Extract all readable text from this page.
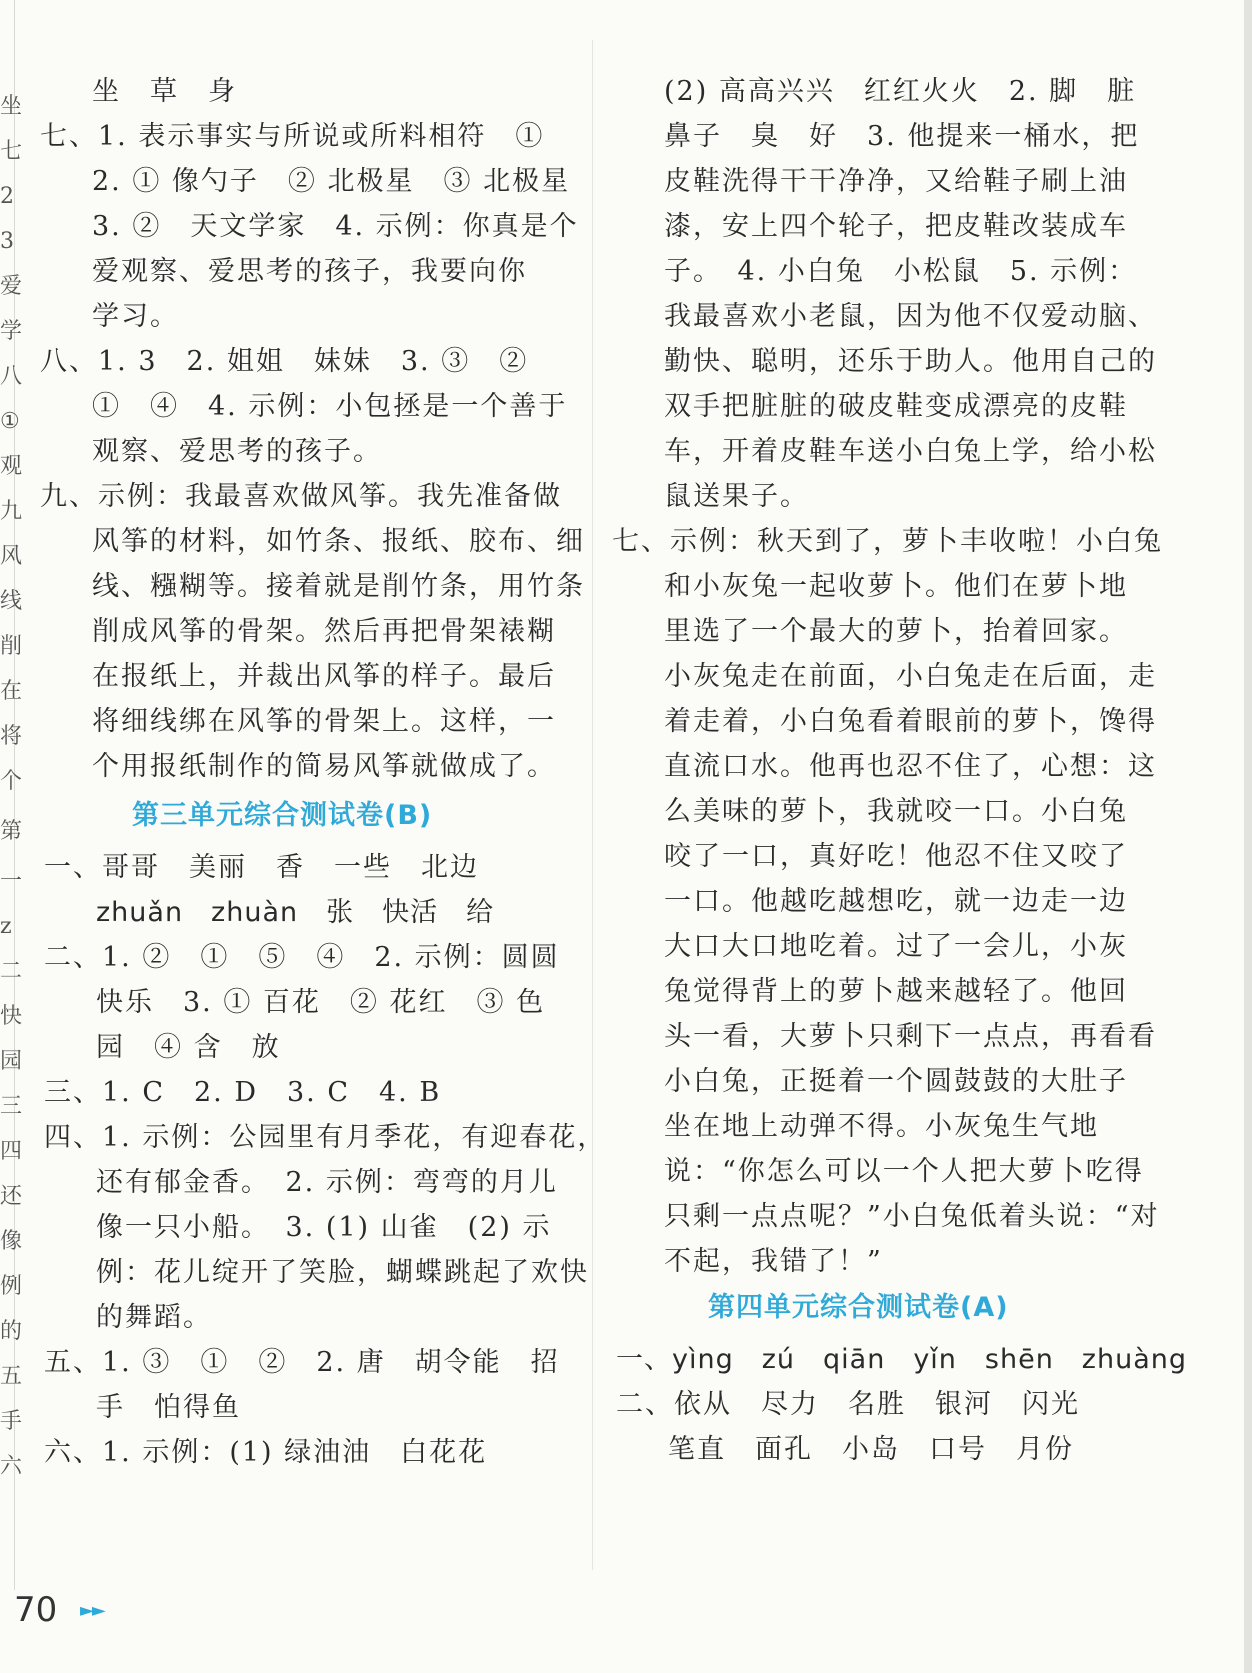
坐
七
2
3
爱
学
八
①
观
九
风
线
削
在
将
个
第
一
z
二
快
园
三
四
还
像
例
的
五
手
六
坐　草　身
七、1. 表示事实与所说或所料相符　①
2. ① 像勺子　② 北极星　③ 北极星
3. ②　天文学家　4. 示例：你真是个
爱观察、爱思考的孩子，我要向你
学习。
八、1. 3　2. 姐姐　妹妹　3. ③　②
①　④　4. 示例：小包拯是一个善于
观察、爱思考的孩子。
九、示例：我最喜欢做风筝。我先准备做
风筝的材料，如竹条、报纸、胶布、细
线、糨糊等。接着就是削竹条，用竹条
削成风筝的骨架。然后再把骨架裱糊
在报纸上，并裁出风筝的样子。最后
将细线绑在风筝的骨架上。这样，一
个用报纸制作的简易风筝就做成了。
第三单元综合测试卷(B)
一、哥哥　美丽　香　一些　北边
zhuǎn　zhuàn　张　快活　给
二、1. ②　①　⑤　④　2. 示例：圆圆
快乐　3. ① 百花　② 花红　③ 色
园　④ 含　放
三、1. C　2. D　3. C　4. B
四、1. 示例：公园里有月季花，有迎春花，
还有郁金香。　2. 示例：弯弯的月儿
像一只小船。　3. (1) 山雀　(2) 示
例：花儿绽开了笑脸，蝴蝶跳起了欢快
的舞蹈。
五、1. ③　①　②　2. 唐　胡令能　招
手　怕得鱼
六、1. 示例：(1) 绿油油　白花花
(2) 高高兴兴　红红火火　2. 脚　脏
鼻子　臭　好　3. 他提来一桶水，把
皮鞋洗得干干净净，又给鞋子刷上油
漆，安上四个轮子，把皮鞋改装成车
子。　4. 小白兔　小松鼠　5. 示例：
我最喜欢小老鼠，因为他不仅爱动脑、
勤快、聪明，还乐于助人。他用自己的
双手把脏脏的破皮鞋变成漂亮的皮鞋
车，开着皮鞋车送小白兔上学，给小松
鼠送果子。
七、示例：秋天到了，萝卜丰收啦！小白兔
和小灰兔一起收萝卜。他们在萝卜地
里选了一个最大的萝卜，抬着回家。
小灰兔走在前面，小白兔走在后面，走
着走着，小白兔看着眼前的萝卜，馋得
直流口水。他再也忍不住了，心想：这
么美味的萝卜，我就咬一口。小白兔
咬了一口，真好吃！他忍不住又咬了
一口。他越吃越想吃，就一边走一边
大口大口地吃着。过了一会儿，小灰
兔觉得背上的萝卜越来越轻了。他回
头一看，大萝卜只剩下一点点，再看看
小白兔，正挺着一个圆鼓鼓的大肚子
坐在地上动弹不得。小灰兔生气地
说：“你怎么可以一个人把大萝卜吃得
只剩一点点呢？”小白兔低着头说：“对
不起，我错了！”
第四单元综合测试卷(A)
一、yìng　zú　qiān　yǐn　shēn　zhuàng
二、依从　尽力　名胜　银河　闪光
笔直　面孔　小岛　口号　月份
70 ►►
